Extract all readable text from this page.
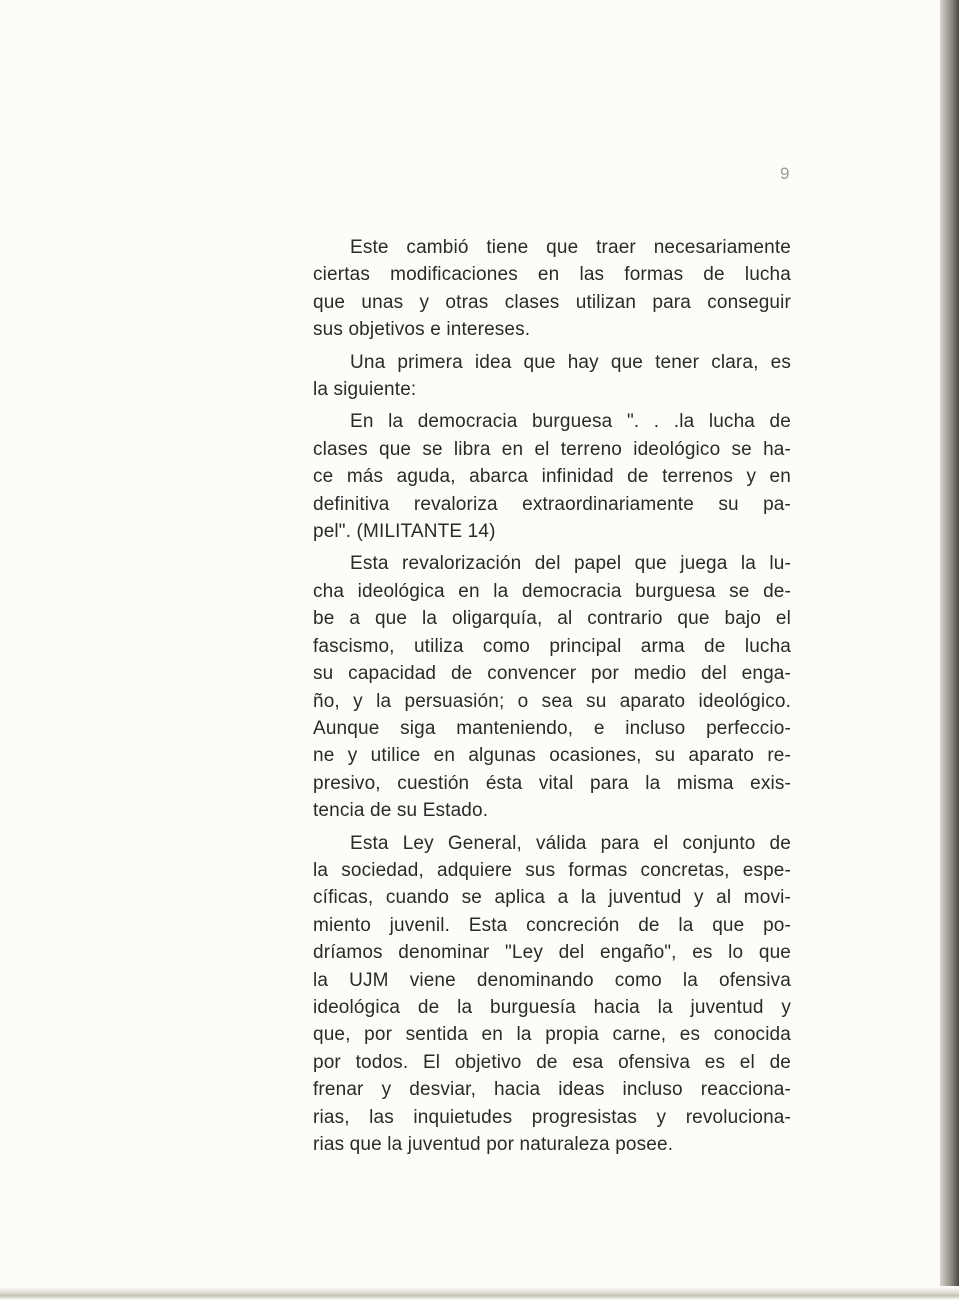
9
Este cambió tiene que traer necesariamente
ciertas modificaciones en las formas de lucha
que unas y otras clases utilizan para conseguir
sus objetivos e intereses.
Una primera idea que hay que tener clara, es
la siguiente:
En la democracia burguesa ". . .la lucha de
clases que se libra en el terreno ideológico se ha-
ce más aguda, abarca infinidad de terrenos y en
definitiva revaloriza extraordinariamente su pa-
pel". (MILITANTE 14)
Esta revalorización del papel que juega la lu-
cha ideológica en la democracia burguesa se de-
be a que la oligarquía, al contrario que bajo el
fascismo, utiliza como principal arma de lucha
su capacidad de convencer por medio del enga-
ño, y la persuasión; o sea su aparato ideológico.
Aunque siga manteniendo, e incluso perfeccio-
ne y utilice en algunas ocasiones, su aparato re-
presivo, cuestión ésta vital para la misma exis-
tencia de su Estado.
Esta Ley General, válida para el conjunto de
la sociedad, adquiere sus formas concretas, espe-
cíficas, cuando se aplica a la juventud y al movi-
miento juvenil. Esta concreción de la que po-
dríamos denominar "Ley del engaño", es lo que
la UJM viene denominando como la ofensiva
ideológica de la burguesía hacia la juventud y
que, por sentida en la propia carne, es conocida
por todos. El objetivo de esa ofensiva es el de
frenar y desviar, hacia ideas incluso reacciona-
rias, las inquietudes progresistas y revoluciona-
rias que la juventud por naturaleza posee.
